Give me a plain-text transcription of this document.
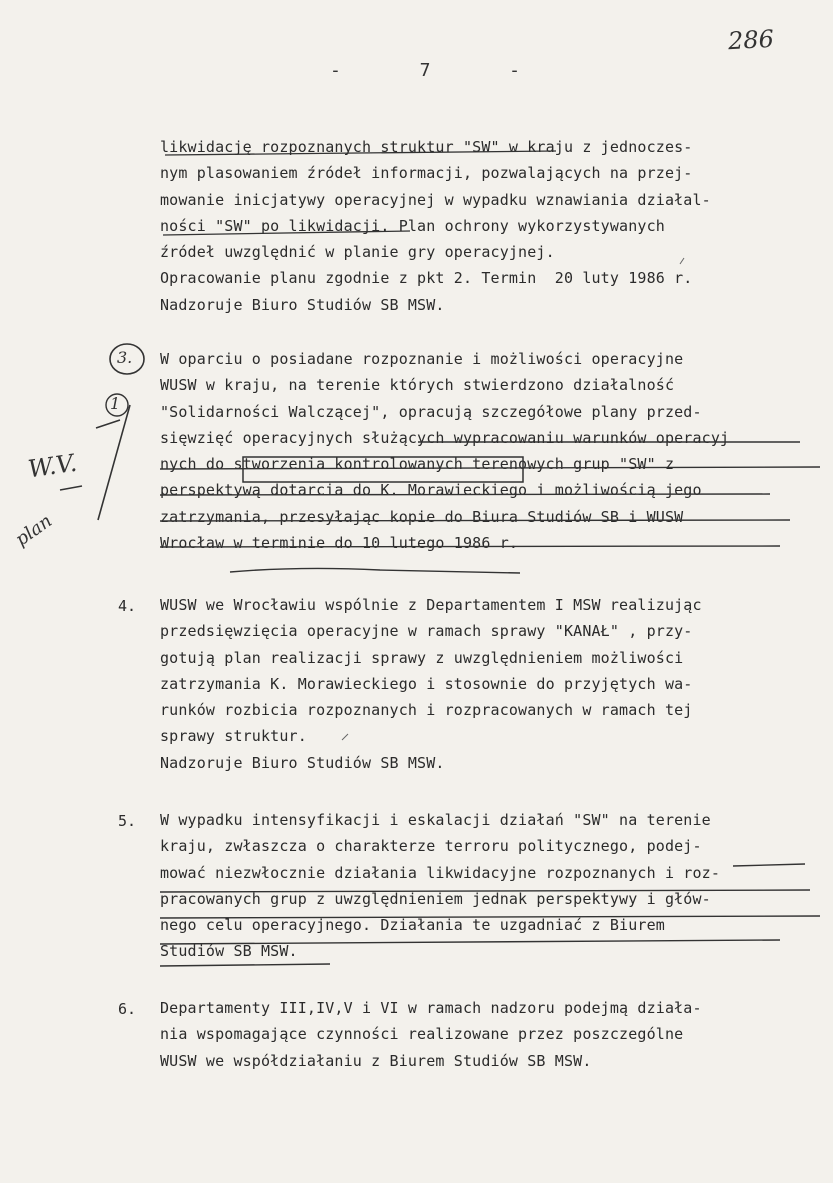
286
-	7	-
likwidację rozpoznanych struktur "SW" w kraju z jednoczes-
nym plasowaniem źródeł informacji, pozwalających na przej-
mowanie inicjatywy operacyjnej w wypadku wznawiania działal-
ności "SW" po likwidacji. Plan ochrony wykorzystywanych
źródeł uwzględnić w planie gry operacyjnej.
Opracowanie planu zgodnie z pkt 2. Termin  20 luty 1986 r.
Nadzoruje Biuro Studiów SB MSW.
W oparciu o posiadane rozpoznanie i możliwości operacyjne
WUSW w kraju, na terenie których stwierdzono działalność
"Solidarności Walczącej", opracują szczegółowe plany przed-
sięwzięć operacyjnych służących wypracowaniu warunków operacyj
nych do stworzenia kontrolowanych terenowych grup "SW" z
perspektywą dotarcia do K. Morawieckiego i możliwością jego
zatrzymania, przesyłając kopie do Biura Studiów SB i WUSW
Wrocław w terminie do 10 lutego 1986 r.
4. WUSW we Wrocławiu wspólnie z Departamentem I MSW realizując
przedsięwzięcia operacyjne w ramach sprawy "KANAŁ" , przy-
gotują plan realizacji sprawy z uwzględnieniem możliwości
zatrzymania K. Morawieckiego i stosownie do przyjętych wa-
runków rozbicia rozpoznanych i rozpracowanych w ramach tej
sprawy struktur.
Nadzoruje Biuro Studiów SB MSW.
5. W wypadku intensyfikacji i eskalacji działań "SW" na terenie
kraju, zwłaszcza o charakterze terroru politycznego, podej-
mować niezwłocznie działania likwidacyjne rozpoznanych i roz-
pracowanych grup z uwzględnieniem jednak perspektywy i głów-
nego celu operacyjnego. Działania te uzgadniać z Biurem
Studiów SB MSW.
6. Departamenty III,IV,V i VI w ramach nadzoru podejmą działa-
nia wspomagające czynności realizowane przez poszczególne
WUSW we współdziałaniu z Biurem Studiów SB MSW.
3.
1
W.V.
plan
